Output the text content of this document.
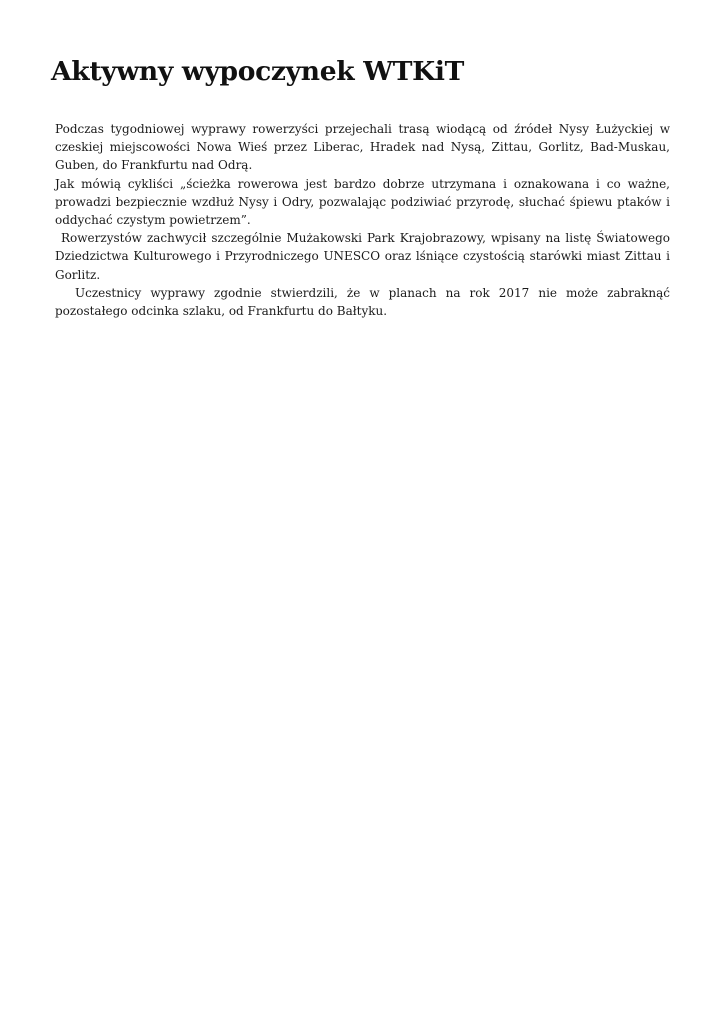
Aktywny wypoczynek WTKiT

Podczas tygodniowej wyprawy rowerzyści przejechali trasą wiodącą od źródeł Nysy Łużyckiej w czeskiej miejscowości Nowa Wieś przez Liberac, Hradek nad Nysą, Zittau, Gorlitz, Bad-Muskau, Guben, do Frankfurtu nad Odrą.

Jak mówią cykliści „ścieżka rowerowa jest bardzo dobrze utrzymana i oznakowana i co ważne, prowadzi bezpiecznie wzdłuż Nysy i Odry, pozwalając podziwiać przyrodę, słuchać śpiewu ptaków i oddychać czystym powietrzem”.

Rowerzystów zachwycił szczególnie Mużakowski Park Krajobrazowy, wpisany na listę Światowego Dziedzictwa Kulturowego i Przyrodniczego UNESCO oraz lśniące czystością starówki miast Zittau i Gorlitz.

Uczestnicy wyprawy zgodnie stwierdzili, że w planach na rok 2017 nie może zabraknąć pozostałego odcinka szlaku, od Frankfurtu do Bałtyku.
